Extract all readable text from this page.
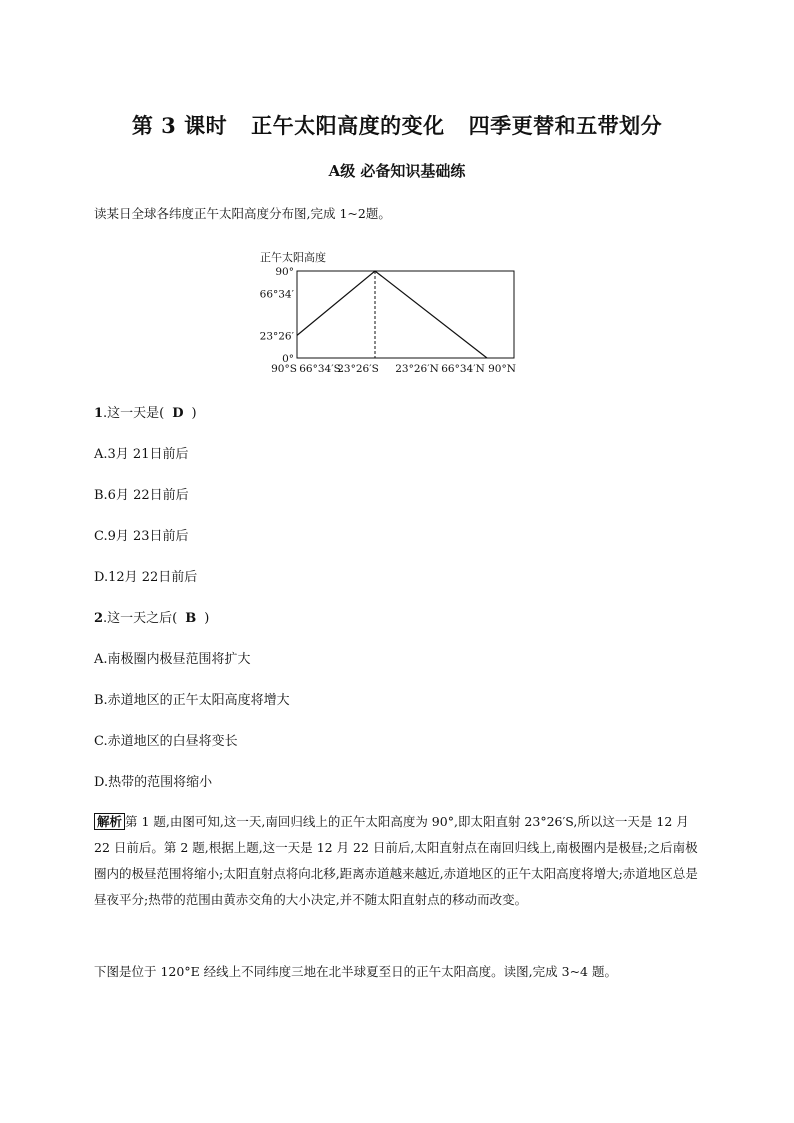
第 3 课时 正午太阳高度的变化 四季更替和五带划分
A级 必备知识基础练
读某日全球各纬度正午太阳高度分布图,完成 1~2题。
正午太阳高度
90°
66°34′
23°26′
0°
90°S 66°34′S
23°26′S 23°26′N 66°34′N 90°N
1.这一天是( D )
A.3月 21日前后
B.6月 22日前后
C.9月 23日前后
D.12月 22日前后
2.这一天之后( B )
A.南极圈内极昼范围将扩大
B.赤道地区的正午太阳高度将增大
C.赤道地区的白昼将变长
D.热带的范围将缩小
解析 第 1 题,由图可知,这一天,南回归线上的正午太阳高度为 90°,即太阳直射 23°26′S,所以这一天是 12 月 22 日前后。第 2 题,根据上题,这一天是 12 月 22 日前后,太阳直射点在南回归线上,南极圈内是极昼;之后南极圈内的极昼范围将缩小;太阳直射点将向北移,距离赤道越来越近,赤道地区的正午太阳高度将增大;赤道地区总是昼夜平分;热带的范围由黄赤交角的大小决定,并不随太阳直射点的移动而改变。
下图是位于 120°E 经线上不同纬度三地在北半球夏至日的正午太阳高度。读图,完成 3~4 题。
